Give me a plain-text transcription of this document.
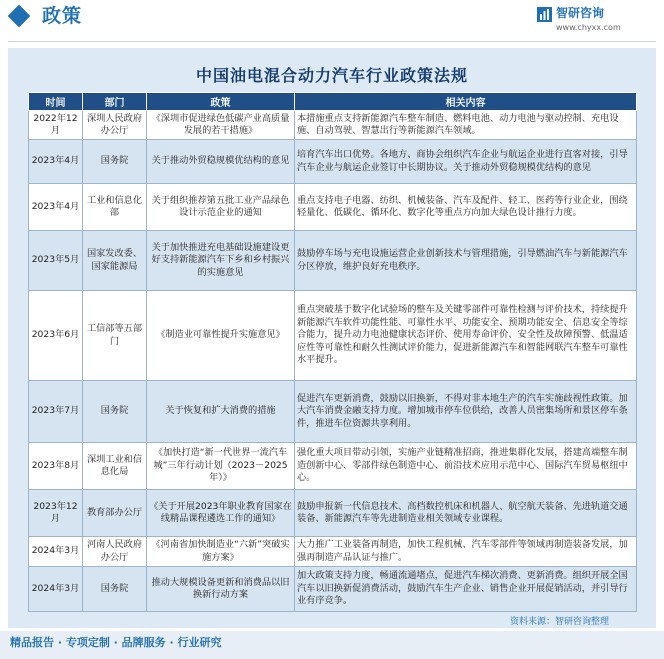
政策	智研咨询
www.chyxx.com
中国油电混合动力汽车行业政策法规
时间	部门	政策	相关内容
2022年12月	深圳人民政府办公厅	《深圳市促进绿色低碳产业高质量发展的若干措施》	本措施重点支持新能源汽车整车制造、燃料电池、动力电池与驱动控制、充电设施、自动驾驶、智慧出行等新能源汽车领域。
2023年4月	国务院	关于推动外贸稳规模优结构的意见	培育汽车出口优势。各地方、商协会组织汽车企业与航运企业进行直客对接，引导汽车企业与航运企业签订中长期协议。关于推动外贸稳规模优结构的意见
2023年4月	工业和信息化部	关于组织推荐第五批工业产品绿色设计示范企业的通知	重点支持电子电器、纺织、机械装备、汽车及配件、轻工、医药等行业企业，围绕轻量化、低碳化、循环化、数字化等重点方向加大绿色设计推行力度。
2023年5月	国家发改委、国家能源局	关于加快推进充电基础设施建设更好支持新能源汽车下乡和乡村振兴的实施意见	鼓励停车场与充电设施运营企业创新技术与管理措施，引导燃油汽车与新能源汽车分区停放，维护良好充电秩序。
2023年6月	工信部等五部门	《制造业可靠性提升实施意见》	重点突破基于数字化试验场的整车及关键零部件可靠性检测与评价技术，持续提升新能源汽车软件功能性能、可靠性水平、功能安全、预期功能安全、信息安全等综合能力，提升动力电池健康状态评价、使用寿命评价、安全性及故障预警、低温适应性等可靠性和耐久性测试评价能力，促进新能源汽车和智能网联汽车整车可靠性水平提升。
2023年7月	国务院	关于恢复和扩大消费的措施	促进汽车更新消费，鼓励以旧换新，不得对非本地生产的汽车实施歧视性政策。加大汽车消费金融支持力度。增加城市停车位供给，改善人员密集场所和景区停车条件，推进车位资源共享利用。
2023年8月	深圳工业和信息化局	《加快打造“新一代世界一流汽车城”三年行动计划（2023－2025年）》	强化重大项目带动引领，实施产业链精准招商，推进集群化发展，搭建高端整车制造创新中心、零部件绿色制造中心、前沿技术应用示范中心、国际汽车贸易枢纽中心。
2023年12月	教育部办公厅	《关于开展2023年职业教育国家在线精品课程遴选工作的通知》	鼓励申报新一代信息技术、高档数控机床和机器人、航空航天装备、先进轨道交通装备、新能源汽车等先进制造业相关领域专业课程。
2024年3月	河南人民政府办公厅	《河南省加快制造业“六新”突破实施方案》	大力推广工业装备再制造，加快工程机械、汽车零部件等领域再制造装备发展，加强再制造产品认证与推广。
2024年3月	国务院	推动大规模设备更新和消费品以旧换新行动方案	加大政策支持力度，畅通流通堵点，促进汽车梯次消费、更新消费。组织开展全国汽车以旧换新促消费活动，鼓励汽车生产企业、销售企业开展促销活动，并引导行业有序竞争。
资料来源：智研咨询整理
精品报告 · 专项定制 · 品牌服务 · 行业研究
